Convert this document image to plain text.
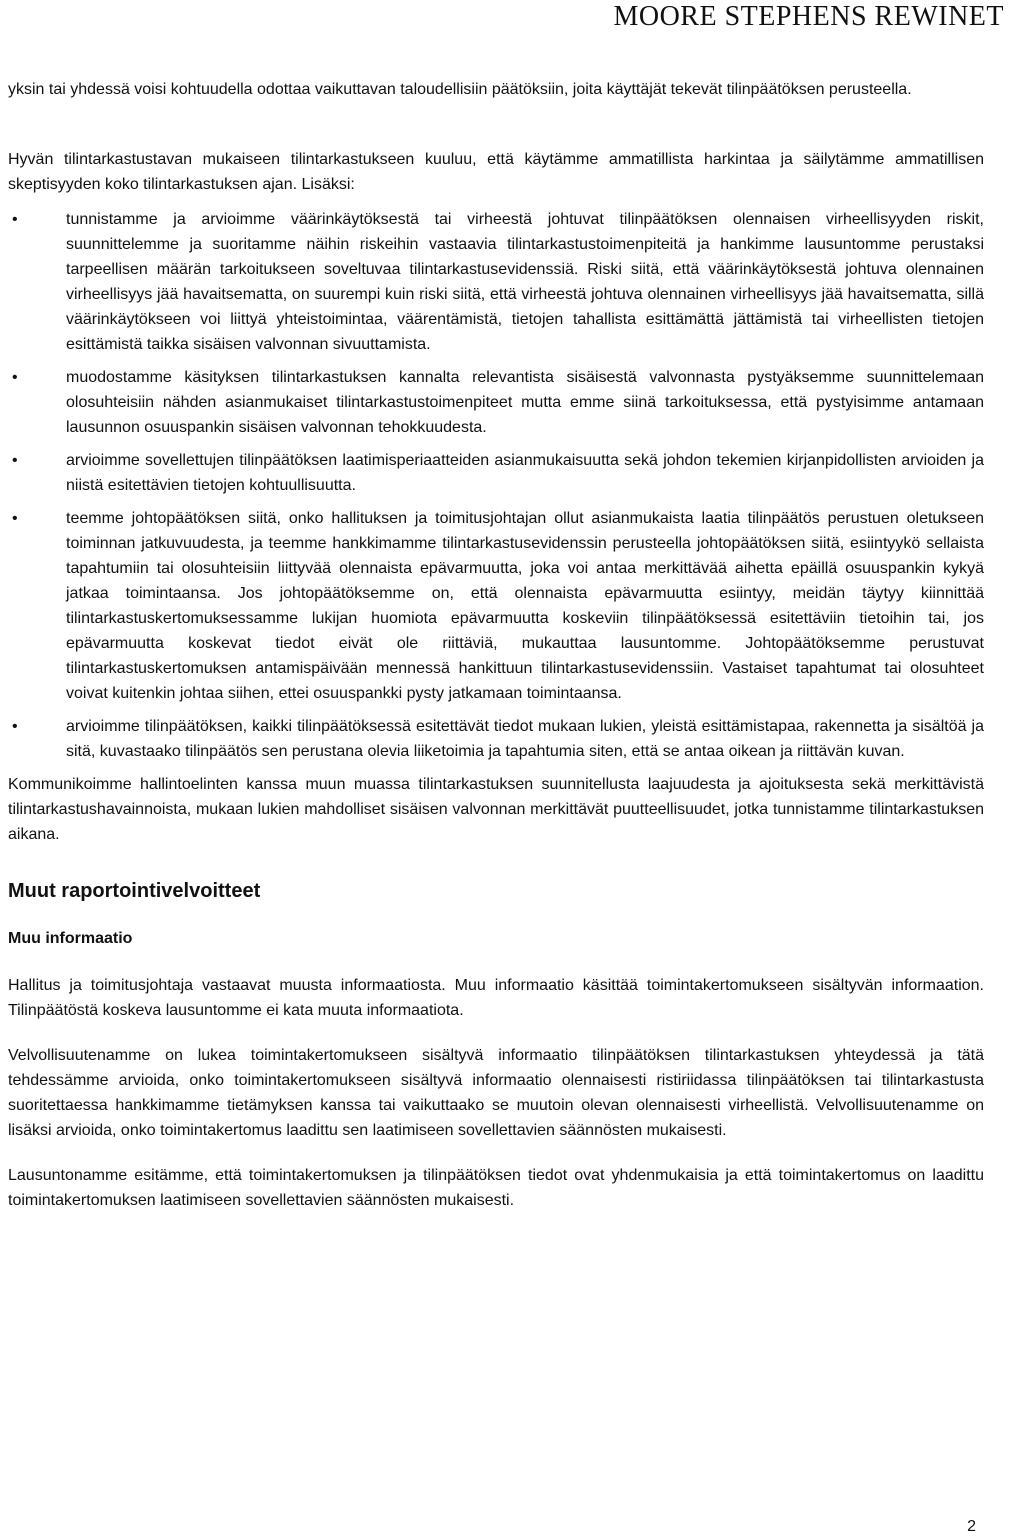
MOORE STEPHENS REWINET

yksin tai yhdessä voisi kohtuudella odottaa vaikuttavan taloudellisiin päätöksiin, joita käyttäjät tekevät tilinpäätöksen perusteella.

Hyvän tilintarkastustavan mukaiseen tilintarkastukseen kuuluu, että käytämme ammatillista harkintaa ja säilytämme ammatillisen skeptisyyden koko tilintarkastuksen ajan. Lisäksi:

• tunnistamme ja arvioimme väärinkäytöksestä tai virheestä johtuvat tilinpäätöksen olennaisen virheellisyyden riskit, suunnittelemme ja suoritamme näihin riskeihin vastaavia tilintarkastustoimenpiteitä ja hankimme lausuntomme perustaksi tarpeellisen määrän tarkoitukseen soveltuvaa tilintarkastusevidenssiä. Riski siitä, että väärinkäytöksestä johtuva olennainen virheellisyys jää havaitsematta, on suurempi kuin riski siitä, että virheestä johtuva olennainen virheellisyys jää havaitsematta, sillä väärinkäytökseen voi liittyä yhteistoimintaa, väärentämistä, tietojen tahallista esittämättä jättämistä tai virheellisten tietojen esittämistä taikka sisäisen valvonnan sivuuttamista.

• muodostamme käsityksen tilintarkastuksen kannalta relevantista sisäisestä valvonnasta pystyäksemme suunnittelemaan olosuhteisiin nähden asianmukaiset tilintarkastustoimenpiteet mutta emme siinä tarkoituksessa, että pystyisimme antamaan lausunnon osuuspankin sisäisen valvonnan tehokkuudesta.

• arvioimme sovellettujen tilinpäätöksen laatimisperiaatteiden asianmukaisuutta sekä johdon tekemien kirjanpidollisten arvioiden ja niistä esitettävien tietojen kohtuullisuutta.

• teemme johtopäätöksen siitä, onko hallituksen ja toimitusjohtajan ollut asianmukaista laatia tilinpäätös perustuen oletukseen toiminnan jatkuvuudesta, ja teemme hankkimamme tilintarkastusevidenssin perusteella johtopäätöksen siitä, esiintyykö sellaista tapahtumiin tai olosuhteisiin liittyvää olennaista epävarmuutta, joka voi antaa merkittävää aihetta epäillä osuuspankin kykyä jatkaa toimintaansa. Jos johtopäätöksemme on, että olennaista epävarmuutta esiintyy, meidän täytyy kiinnittää tilintarkastuskertomuksessamme lukijan huomiota epävarmuutta koskeviin tilinpäätöksessä esitettäviin tietoihin tai, jos epävarmuutta koskevat tiedot eivät ole riittäviä, mukauttaa lausuntomme. Johtopäätöksemme perustuvat tilintarkastuskertomuksen antamispäivään mennessä hankittuun tilintarkastusevidenssiin. Vastaiset tapahtumat tai olosuhteet voivat kuitenkin johtaa siihen, ettei osuuspankki pysty jatkamaan toimintaansa.

• arvioimme tilinpäätöksen, kaikki tilinpäätöksessä esitettävät tiedot mukaan lukien, yleistä esittämistapaa, rakennetta ja sisältöä ja sitä, kuvastaako tilinpäätös sen perustana olevia liiketoimia ja tapahtumia siten, että se antaa oikean ja riittävän kuvan.

Kommunikoimme hallintoelinten kanssa muun muassa tilintarkastuksen suunnitellusta laajuudesta ja ajoituksesta sekä merkittävistä tilintarkastushavainnoista, mukaan lukien mahdolliset sisäisen valvonnan merkittävät puutteellisuudet, jotka tunnistamme tilintarkastuksen aikana.

Muut raportointivelvoitteet
Muu informaatio

Hallitus ja toimitusjohtaja vastaavat muusta informaatiosta. Muu informaatio käsittää toimintakertomukseen sisältyvän informaation. Tilinpäätöstä koskeva lausuntomme ei kata muuta informaatiota.

Velvollisuutenamme on lukea toimintakertomukseen sisältyvä informaatio tilinpäätöksen tilintarkastuksen yhteydessä ja tätä tehdessämme arvioida, onko toimintakertomukseen sisältyvä informaatio olennaisesti ristiriidassa tilinpäätöksen tai tilintarkastusta suoritettaessa hankkimamme tietämyksen kanssa tai vaikuttaako se muutoin olevan olennaisesti virheellistä. Velvollisuutenamme on lisäksi arvioida, onko toimintakertomus laadittu sen laatimiseen sovellettavien säännösten mukaisesti.

Lausuntonamme esitämme, että toimintakertomuksen ja tilinpäätöksen tiedot ovat yhdenmukaisia ja että toimintakertomus on laadittu toimintakertomuksen laatimiseen sovellettavien säännösten mukaisesti.

2
